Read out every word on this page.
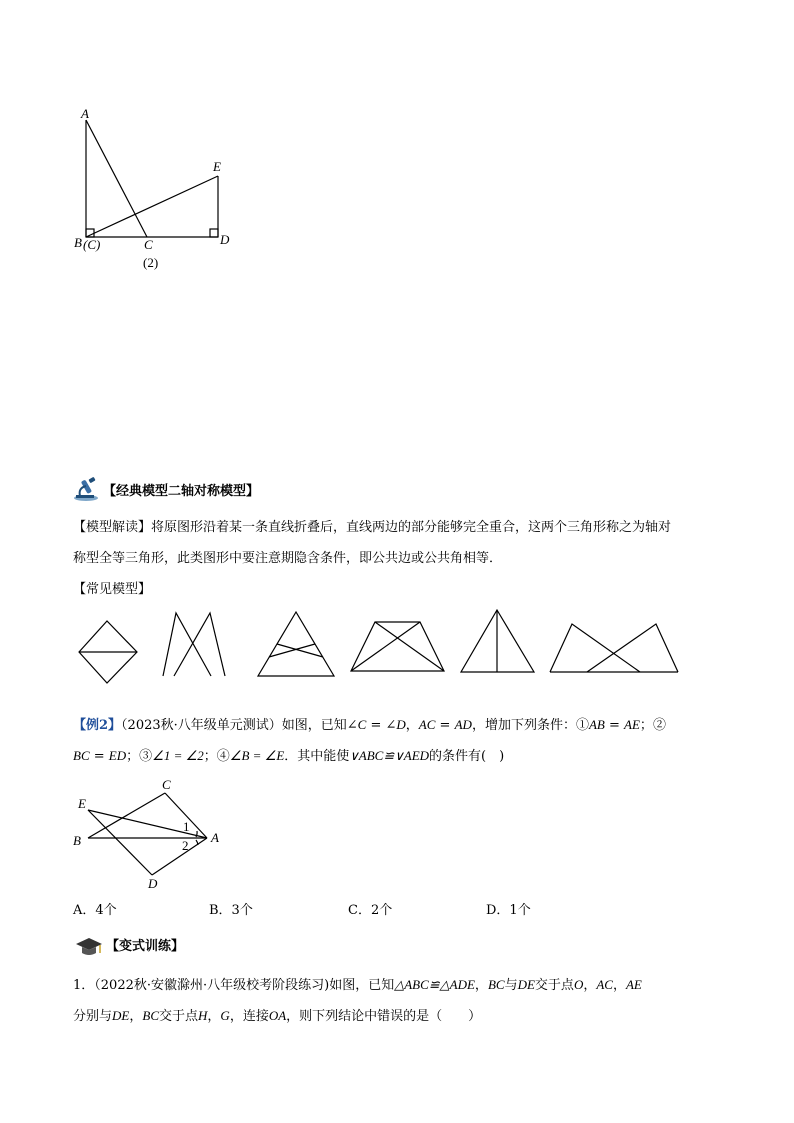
A
E
B (C)	C	D
(2)
【经典模型二轴对称模型】
【模型解读】将原图形沿着某一条直线折叠后，直线两边的部分能够完全重合，这两个三角形称之为轴对
称型全等三角形，此类图形中要注意期隐含条件，即公共边或公共角相等．
【常见模型】
【例2】（2023秋·八年级单元测试）如图，已知∠C = ∠D，AC = AD，增加下列条件：①AB = AE；②
BC = ED；③∠1 = ∠2；④∠B = ∠E．其中能使∨ABC≌∨AED的条件有(　)
C
E
1
B	A
2
D
A．4个	B．3个	C．2个	D．1个
【变式训练】
1．（2022秋·安徽滁州·八年级校考阶段练习)如图，已知△ABC≌△ADE，BC与DE交于点O，AC，AE
分别与DE，BC交于点H，G，连接OA，则下列结论中错误的是（　　）
